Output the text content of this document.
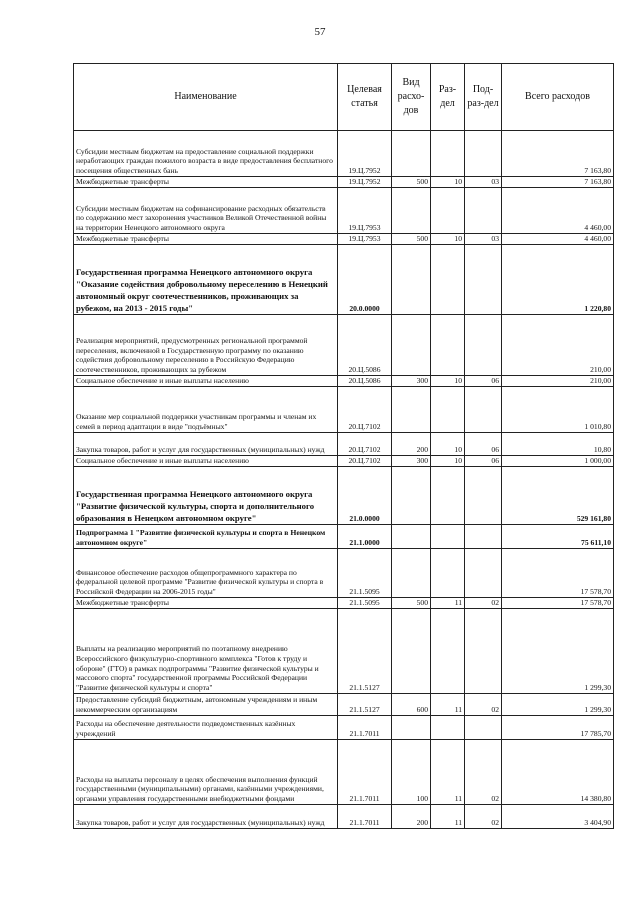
57
Наименование	Целевая статья	Вид расхо-дов	Раз-дел	Под-раз-дел	Всего расходов
Субсидии местным бюджетам на предоставление социальной поддержки неработающих граждан пожилого возраста в виде предоставления бесплатного посещения общественных бань	19.Ц.7952				7 163,80
Межбюджетные трансферты	19.Ц.7952	500	10	03	7 163,80
Субсидии местным бюджетам на софинансирование расходных обязательств по содержанию мест захоронения участников Великой Отечественной войны на территории Ненецкого автономного округа	19.Ц.7953				4 460,00
Межбюджетные трансферты	19.Ц.7953	500	10	03	4 460,00
Государственная программа Ненецкого автономного округа "Оказание содействия добровольному переселению в Ненецкий автономный округ соотечественников, проживающих за рубежом, на 2013 - 2015 годы"	20.0.0000				1 220,80
Реализация мероприятий, предусмотренных региональной программой переселения, включенной в Государственную программу по оказанию содействия добровольному переселению в Российскую Федерацию соотечественников, проживающих за рубежом	20.Ц.5086				210,00
Социальное обеспечение и иные выплаты населению	20.Ц.5086	300	10	06	210,00
Оказание мер социальной поддержки участникам программы и членам их семей в период адаптации в виде "подъёмных"	20.Ц.7102				1 010,80
Закупка товаров, работ и услуг для государственных (муниципальных) нужд	20.Ц.7102	200	10	06	10,80
Социальное обеспечение и иные выплаты населению	20.Ц.7102	300	10	06	1 000,00
Государственная программа Ненецкого автономного округа "Развитие физической культуры, спорта и дополнительного образования в Ненецком автономном округе"	21.0.0000				529 161,80
Подпрограмма 1 "Развитие физической культуры и спорта в Ненецком автономном округе"	21.1.0000				75 611,10
Финансовое обеспечение расходов общепрограммного характера по федеральной целевой программе "Развитие физической культуры и спорта в Российской Федерации на 2006-2015 годы"	21.1.5095				17 578,70
Межбюджетные трансферты	21.1.5095	500	11	02	17 578,70
Выплаты на реализацию мероприятий по поэтапному внедрению Всероссийского физкультурно-спортивного комплекса "Готов к труду и обороне" (ГТО) в рамках подпрограммы "Развитие физической культуры и массового спорта" государственной программы Российской Федерации "Развитие физической культуры и спорта"	21.1.5127				1 299,30
Предоставление субсидий бюджетным, автономным учреждениям и иным некоммерческим организациям	21.1.5127	600	11	02	1 299,30
Расходы на обеспечение деятельности подведомственных казённых учреждений	21.1.7011				17 785,70
Расходы на выплаты персоналу в целях обеспечения выполнения функций государственными (муниципальными) органами, казёнными учреждениями, органами управления государственными внебюджетными фондами	21.1.7011	100	11	02	14 380,80
Закупка товаров, работ и услуг для государственных (муниципальных) нужд	21.1.7011	200	11	02	3 404,90
